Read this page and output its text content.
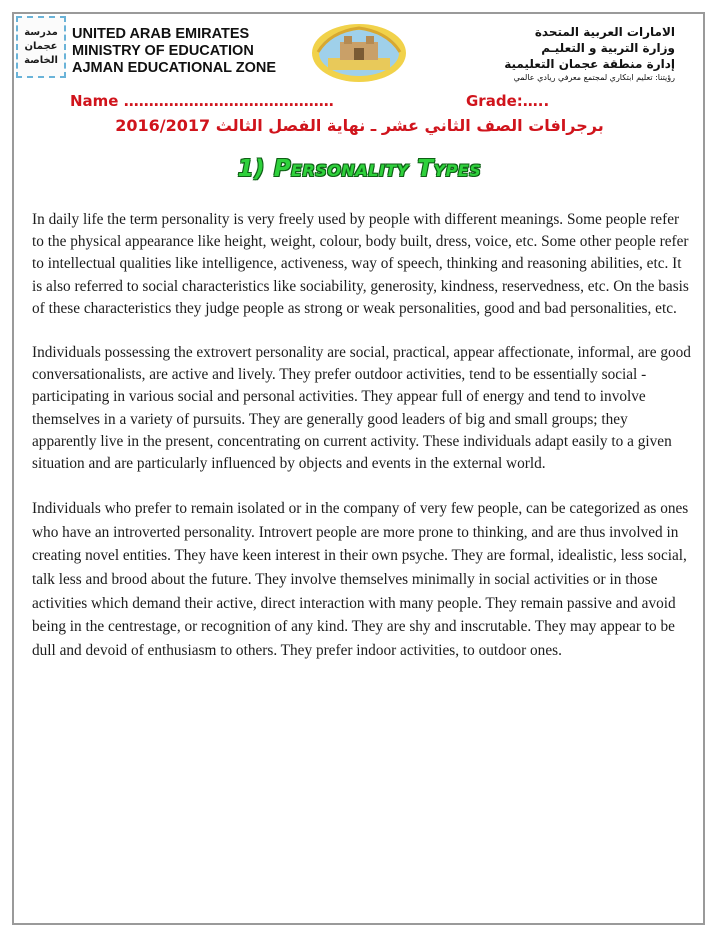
مدرسة
عجمان
الخاصة
UNITED ARAB EMIRATES
MINISTRY OF EDUCATION
AJMAN EDUCATIONAL ZONE
الامارات العربية المتحدة
وزارة التربية و التعليـم
إدارة منطقة عجمان التعليمية
رؤيتنا: تعليم ابتكاري لمجتمع معرفي ريادي عالمي
Name ……………………………………	Grade:…..
برجرافات الصف الثاني عشر ـ نهاية الفصل الثالث 2016/2017
1) Personality Types

In daily life the term personality is very freely used by people with different meanings. Some people refer to the physical appearance like height, weight, colour, body built, dress, voice, etc. Some other people refer to intellectual qualities like intelligence, activeness, way of speech, thinking and reasoning abilities, etc. It is also referred to social characteristics like sociability, generosity, kindness, reservedness, etc. On the basis of these characteristics they judge people as strong or weak personalities, good and bad personalities, etc.

Individuals possessing the extrovert personality are social, practical, appear affectionate, informal, are good conversationalists, are active and lively. They prefer outdoor activities, tend to be essentially social - participating in various social and personal activities. They appear full of energy and tend to involve themselves in a variety of pursuits. They are generally good leaders of big and small groups; they apparently live in the present, concentrating on current activity. These individuals adapt easily to a given situation and are particularly influenced by objects and events in the external world.

Individuals who prefer to remain isolated or in the company of very few people, can be categorized as ones who have an introverted personality. Introvert people are more prone to thinking, and are thus involved in creating novel entities. They have keen interest in their own psyche. They are formal, idealistic, less social, talk less and brood about the future. They involve themselves minimally in social activities or in those activities which demand their active, direct interaction with many people. They remain passive and avoid being in the centrestage, or recognition of any kind. They are shy and inscrutable. They may appear to be dull and devoid of enthusiasm to others. They prefer indoor activities, to outdoor ones.
